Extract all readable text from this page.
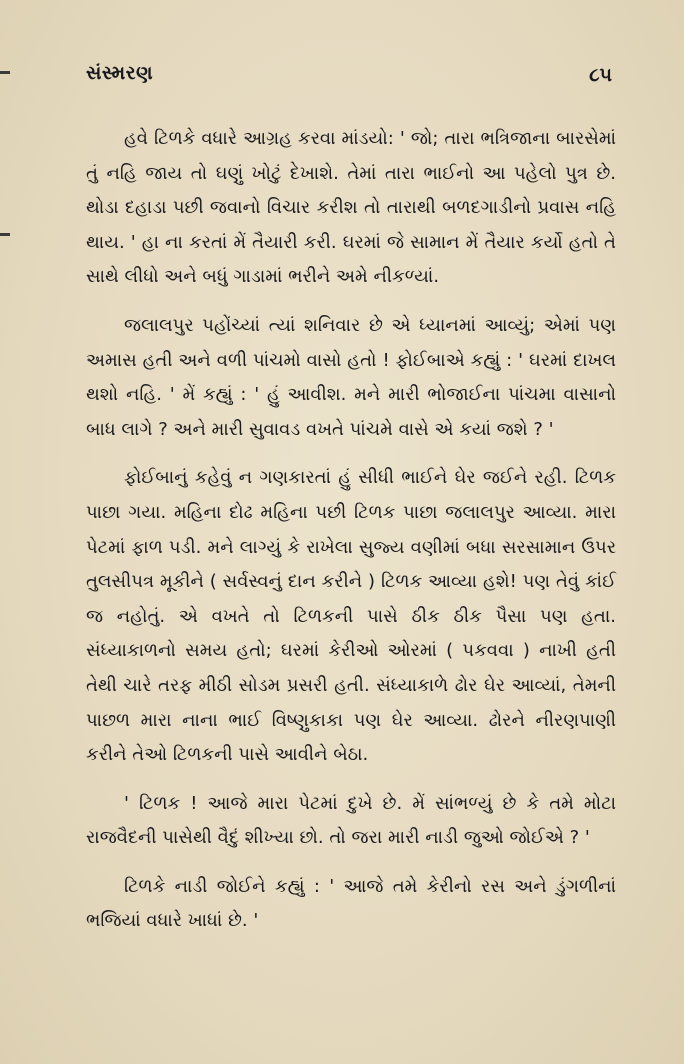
સંસ્મરણ	૮૫

હવે ટિળકે વધારે આગ્રહ કરવા માંડયો: ' જો; તારા ભત્રિજાના બારસેમાં તું નહિ જાય તો ઘણું ખોટું દેખાશે. તેમાં તારા ભાઈનો આ પહેલો પુત્ર છે. થોડા દહાડા પછી જવાનો વિચાર કરીશ તો તારાથી બળદગાડીનો પ્રવાસ નહિ થાય. ' હા ના કરતાં મેં તૈયારી કરી. ઘરમાં જે સામાન મેં તૈયાર કર્યો હતો તે સાથે લીધો અને બધું ગાડામાં ભરીને અમે નીકળ્યાં.

જલાલપુર પહોંચ્યાં ત્યાં શનિવાર છે એ ધ્યાનમાં આવ્યું; એમાં પણ અમાસ હતી અને વળી પાંચમો વાસો હતો ! ફોઈબાએ કહ્યું : ' ઘરમાં દાખલ થશો નહિ. ' મેં કહ્યું : ' હું આવીશ. મને મારી ભોજાઈના પાંચમા વાસાનો બાધ લાગે ? અને મારી સુવાવડ વખતે પાંચમે વાસે એ કયાં જશે ? '

ફોઈબાનું કહેવું ન ગણકારતાં હું સીધી ભાઈને ઘેર જઈને રહી. ટિળક પાછા ગયા. મહિના દોઢ મહિના પછી ટિળક પાછા જલાલપુર આવ્યા. મારા પેટમાં ફાળ પડી. મને લાગ્યું કે રાખેલા સુજ્ય વણીમાં બધા સરસામાન ઉપર તુલસીપત્ર મૂકીને ( સર્વસ્વનું દાન કરીને ) ટિળક આવ્યા હશે! પણ તેવું કાંઈ જ નહોતું. એ વખતે તો ટિળકની પાસે ઠીક ઠીક પૈસા પણ હતા. સંધ્યાકાળનો સમય હતો; ઘરમાં કેરીઓ ઓરમાં ( પકવવા ) નાખી હતી તેથી ચારે તરફ મીઠી સોડમ પ્રસરી હતી. સંધ્યાકાળે ઢોર ઘેર આવ્યાં, તેમની પાછળ મારા નાના ભાઈ વિષ્ણુકાકા પણ ઘેર આવ્યા. ઢોરને નીરણપાણી કરીને તેઓ ટિળકની પાસે આવીને બેઠા.

' ટિળક ! આજે મારા પેટમાં દુખે છે. મેં સાંભળ્યું છે કે તમે મોટા રાજવૈદની પાસેથી વૈદું શીખ્યા છો. તો જરા મારી નાડી જુઓ જોઈએ ? '

ટિળકે નાડી જોઈને કહ્યું : ' આજે તમે કેરીનો રસ અને ડુંગળીનાં ભજિયાં વધારે ખાધાં છે. '
